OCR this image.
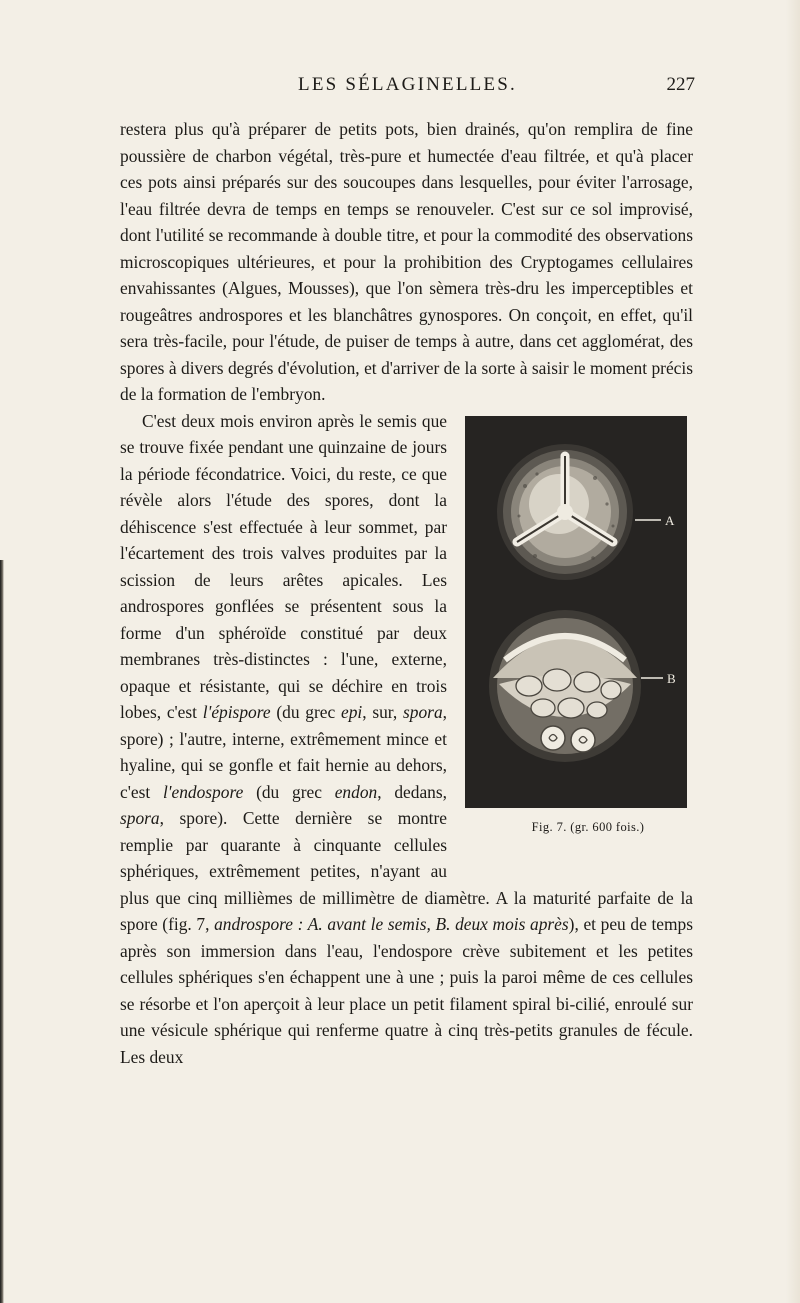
LES SÉLAGINELLES.	227

restera plus qu'à préparer de petits pots, bien drainés, qu'on remplira de fine poussière de charbon végétal, très-pure et humectée d'eau filtrée, et qu'à placer ces pots ainsi préparés sur des soucoupes dans lesquelles, pour éviter l'arrosage, l'eau filtrée devra de temps en temps se renouveler. C'est sur ce sol improvisé, dont l'utilité se recommande à double titre, et pour la commodité des observations microscopiques ultérieures, et pour la prohibition des Cryptogames cellulaires envahissantes (Algues, Mousses), que l'on sèmera très-dru les imperceptibles et rougeâtres androspores et les blanchâtres gynospores. On conçoit, en effet, qu'il sera très-facile, pour l'étude, de puiser de temps à autre, dans cet agglomérat, des spores à divers degrés d'évolution, et d'arriver de la sorte à saisir le moment précis de la formation de l'embryon.

A
B
Fig. 7. (gr. 600 fois.)
C'est deux mois environ après le semis que se trouve fixée pendant une quinzaine de jours la période fécondatrice. Voici, du reste, ce que révèle alors l'étude des spores, dont la déhiscence s'est effectuée à leur sommet, par l'écartement des trois valves produites par la scission de leurs arêtes apicales. Les androspores gonflées se présentent sous la forme d'un sphéroïde constitué par deux membranes très-distinctes : l'une, externe, opaque et résistante, qui se déchire en trois lobes, c'est l'épispore (du grec epi, sur, spora, spore) ; l'autre, interne, extrêmement mince et hyaline, qui se gonfle et fait hernie au dehors, c'est l'endospore (du grec endon, dedans, spora, spore). Cette dernière se montre remplie par quarante à cinquante cellules sphériques, extrêmement petites, n'ayant au plus que cinq millièmes de millimètre de diamètre. A la maturité parfaite de la spore (fig. 7, androspore : A. avant le semis, B. deux mois après), et peu de temps après son immersion dans l'eau, l'endospore crève subitement et les petites cellules sphériques s'en échappent une à une ; puis la paroi même de ces cellules se résorbe et l'on aperçoit à leur place un petit filament spiral bi-cilié, enroulé sur une vésicule sphérique qui renferme quatre à cinq très-petits granules de fécule. Les deux
